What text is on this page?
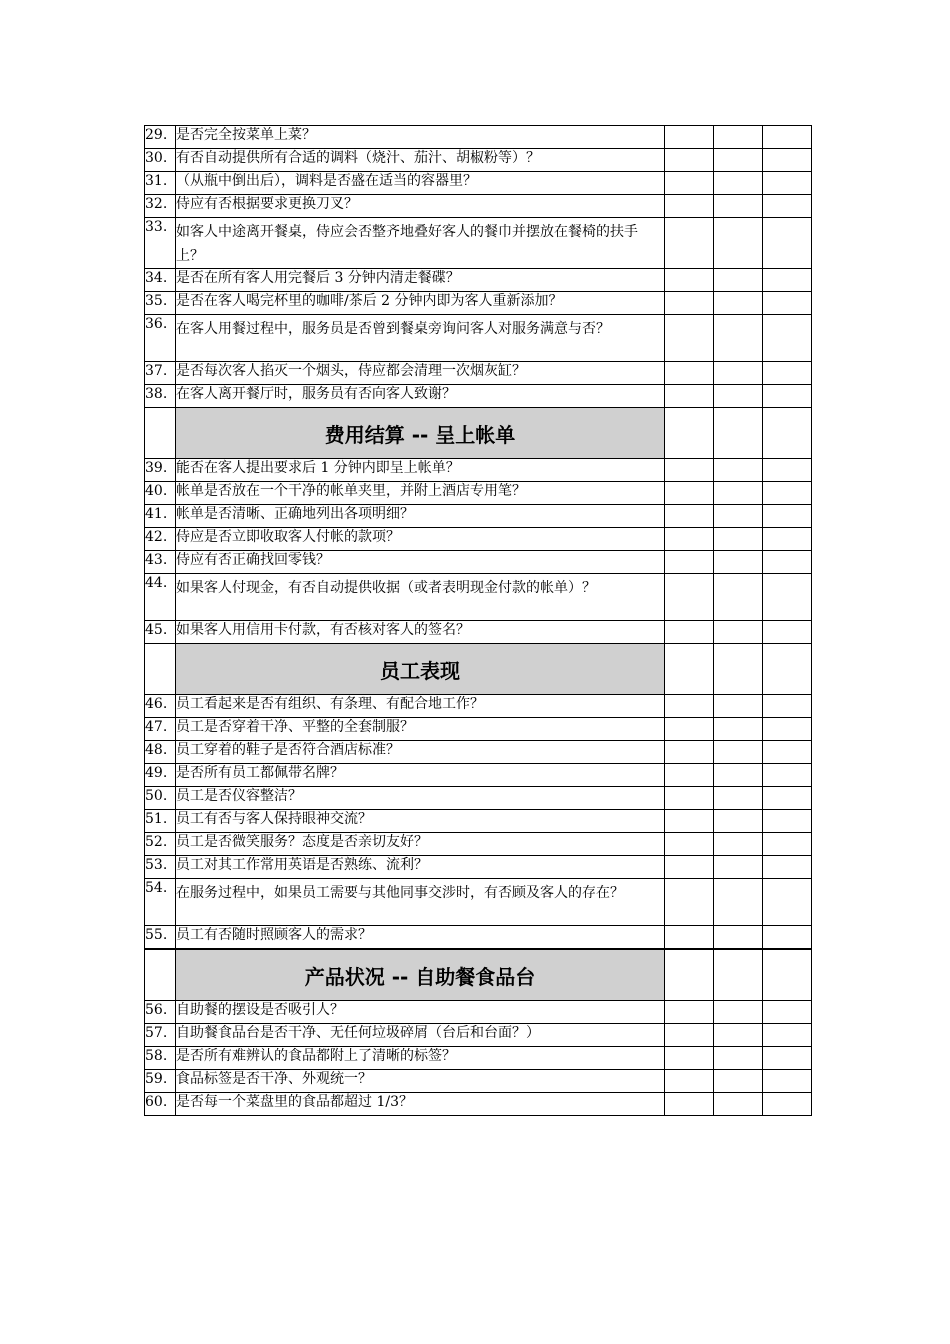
29.	是否完全按菜单上菜？			
30.	有否自动提供所有合适的调料（烧汁、茄汁、胡椒粉等）？			
31.	（从瓶中倒出后），调料是否盛在适当的容器里？			
32.	侍应有否根据要求更换刀叉？			
33.	如客人中途离开餐桌，侍应会否整齐地叠好客人的餐巾并摆放在餐椅的扶手上？			
34.	是否在所有客人用完餐后 3 分钟内清走餐碟？			
35.	是否在客人喝完杯里的咖啡/茶后 2 分钟内即为客人重新添加？			
36.	在客人用餐过程中，服务员是否曾到餐桌旁询问客人对服务满意与否？			
37.	是否每次客人掐灭一个烟头，侍应都会清理一次烟灰缸？			
38.	在客人离开餐厅时，服务员有否向客人致谢？			
	费用结算 -- 呈上帐单			
39.	能否在客人提出要求后 1 分钟内即呈上帐单？			
40.	帐单是否放在一个干净的帐单夹里，并附上酒店专用笔？			
41.	帐单是否清晰、正确地列出各项明细？			
42.	侍应是否立即收取客人付帐的款项？			
43.	侍应有否正确找回零钱？			
44.	如果客人付现金，有否自动提供收据（或者表明现金付款的帐单）？			
45.	如果客人用信用卡付款，有否核对客人的签名？			
	员工表现			
46.	员工看起来是否有组织、有条理、有配合地工作？			
47.	员工是否穿着干净、平整的全套制服？			
48.	员工穿着的鞋子是否符合酒店标准？			
49.	是否所有员工都佩带名牌？			
50.	员工是否仪容整洁？			
51.	员工有否与客人保持眼神交流？			
52.	员工是否微笑服务？态度是否亲切友好？			
53.	员工对其工作常用英语是否熟练、流利？			
54.	在服务过程中，如果员工需要与其他同事交涉时，有否顾及客人的存在？			
55.	员工有否随时照顾客人的需求？			
	产品状况 -- 自助餐食品台			
56.	自助餐的摆设是否吸引人？			
57.	自助餐食品台是否干净、无任何垃圾碎屑（台后和台面？）			
58.	是否所有难辨认的食品都附上了清晰的标签？			
59.	食品标签是否干净、外观统一？			
60.	是否每一个菜盘里的食品都超过 1/3？			
